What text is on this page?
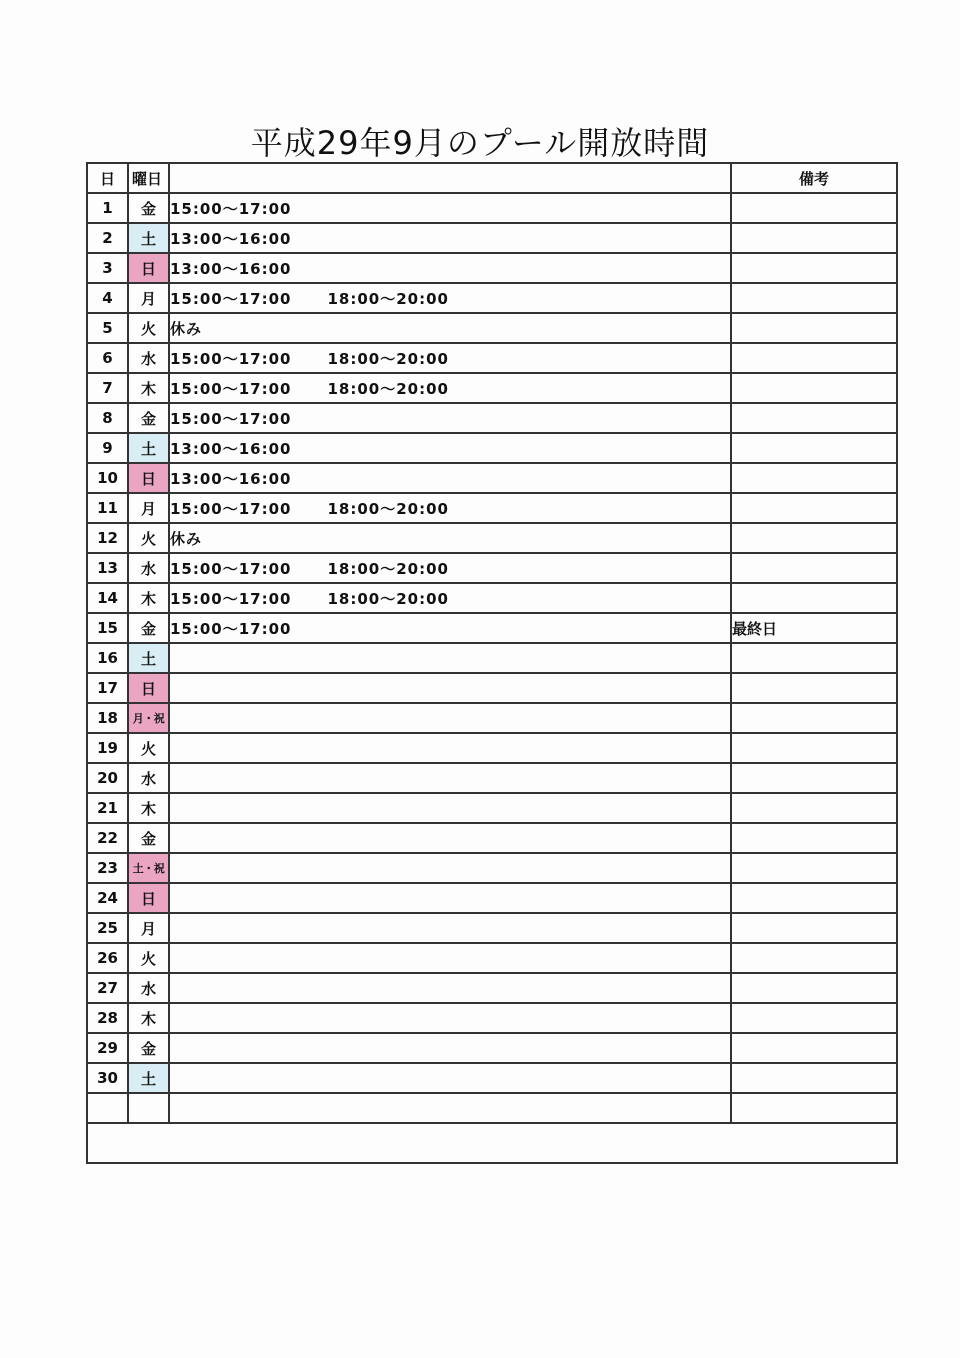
平成29年9月のプール開放時間
日	曜日		備考
1	金	15:00～17:00	
2	土	13:00～16:00	
3	日	13:00～16:00	
4	月	15:00～17:00 18:00～20:00	
5	火	休み	
6	水	15:00～17:00 18:00～20:00	
7	木	15:00～17:00 18:00～20:00	
8	金	15:00～17:00	
9	土	13:00～16:00	
10	日	13:00～16:00	
11	月	15:00～17:00 18:00～20:00	
12	火	休み	
13	水	15:00～17:00 18:00～20:00	
14	木	15:00～17:00 18:00～20:00	
15	金	15:00～17:00	最終日
16	土		
17	日		
18	月・祝		
19	火		
20	水		
21	木		
22	金		
23	土・祝		
24	日		
25	月		
26	火		
27	水		
28	木		
29	金		
30	土		
